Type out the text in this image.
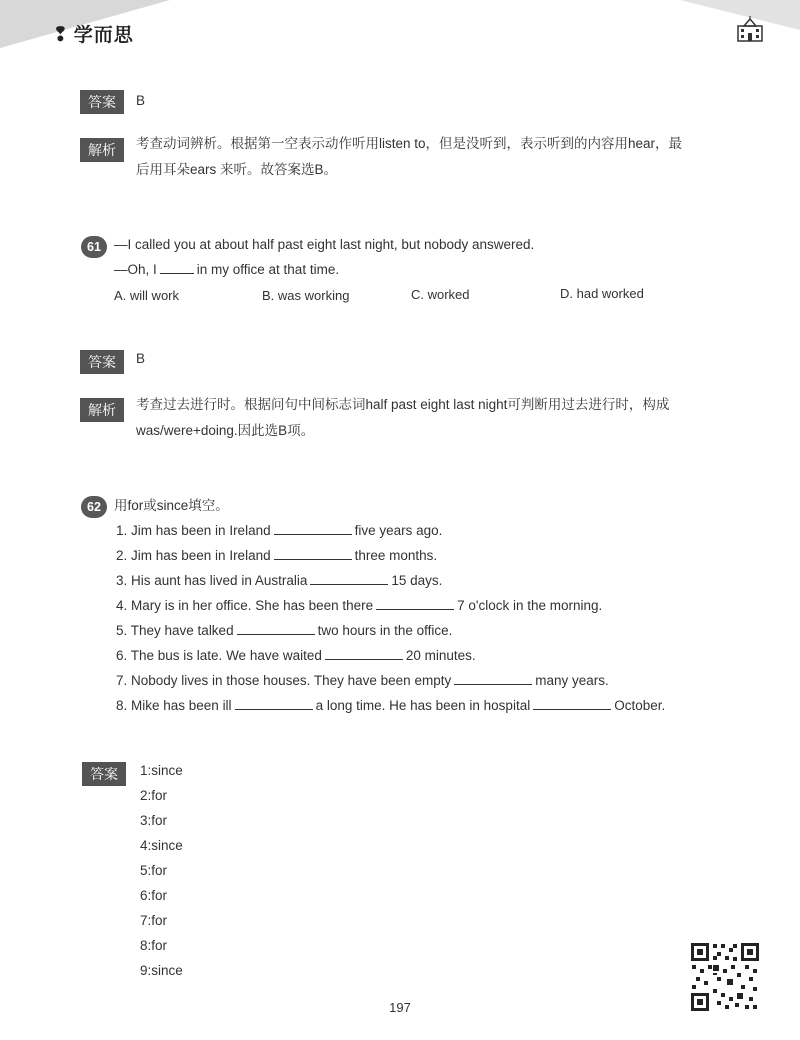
❢ 学而思
答案	B
解析	考查动词辨析。根据第一空表示动作听用listen to，但是没听到，表示听到的内容用hear，最
后用耳朵ears 来听。故答案选B。
61 —I called you at about half past eight last night, but nobody answered.
—Oh, I	in my office at that time.
A. will work	B. was working	C. worked	D. had worked
答案	B
解析	考查过去进行时。根据问句中间标志词half past eight last night可判断用过去进行时，构成
was/were+doing.因此选B项。
62 用for或since填空。
1. Jim has been in Ireland	five years ago.
2. Jim has been in Ireland	three months.
3. His aunt has lived in Australia	15 days.
4. Mary is in her office. She has been there	7 o'clock in the morning.
5. They have talked	two hours in the office.
6. The bus is late. We have waited	20 minutes.
7. Nobody lives in those houses. They have been empty	many years.
8. Mike has been ill	a long time. He has been in hospital	October.
答案	1:since
2:for
3:for
4:since
5:for
6:for
7:for
8:for
9:since
197
